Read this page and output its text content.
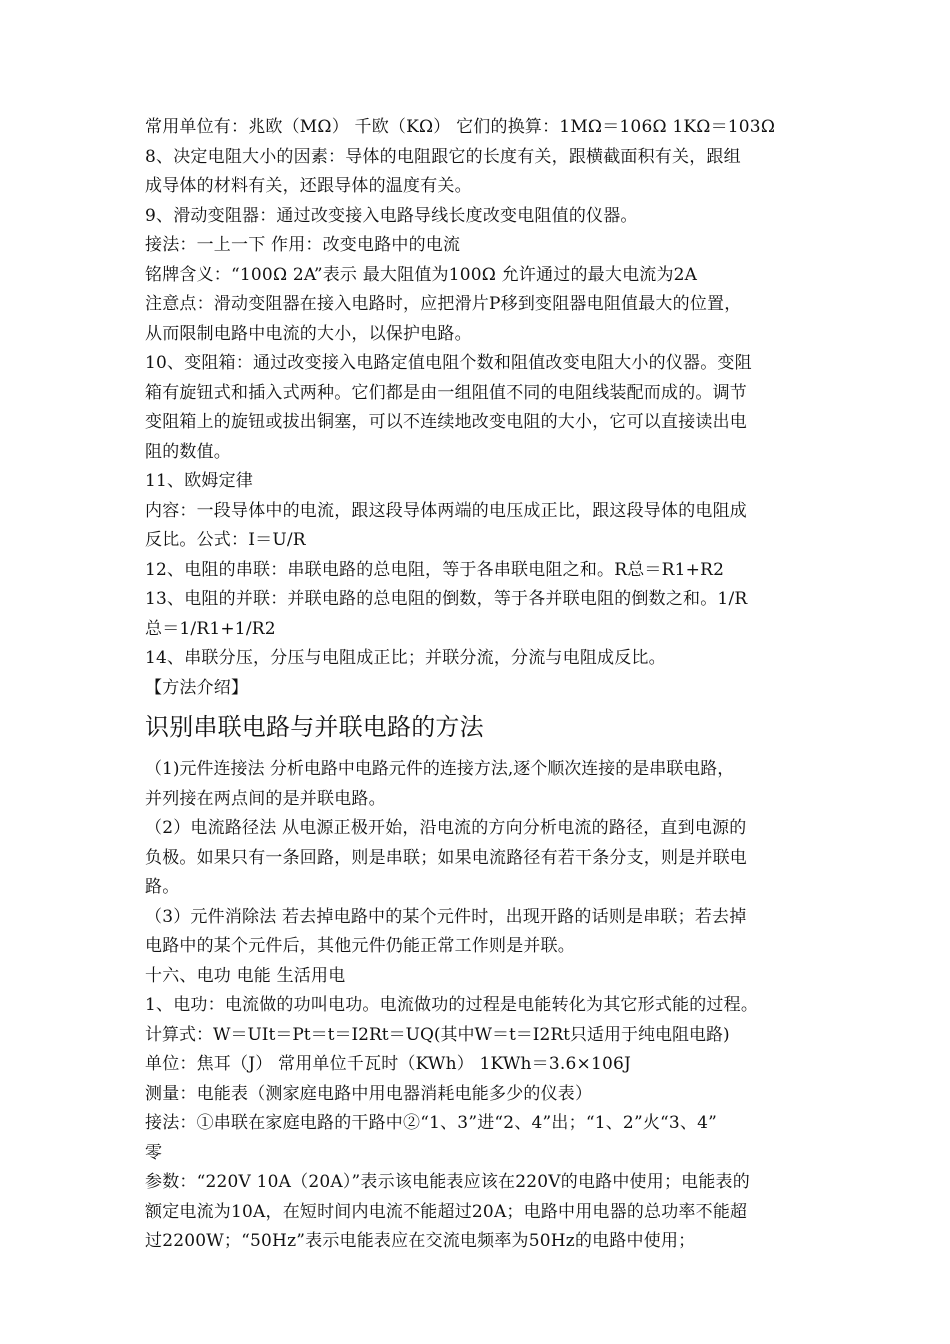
常用单位有：兆欧（MΩ） 千欧（KΩ） 它们的换算：1MΩ＝106Ω 1KΩ＝103Ω
8、决定电阻大小的因素：导体的电阻跟它的长度有关，跟横截面积有关，跟组
成导体的材料有关，还跟导体的温度有关。
9、滑动变阻器：通过改变接入电路导线长度改变电阻值的仪器。
接法：一上一下 作用：改变电路中的电流
铭牌含义：“100Ω 2A”表示 最大阻值为100Ω 允许通过的最大电流为2A
注意点：滑动变阻器在接入电路时，应把滑片P移到变阻器电阻值最大的位置，
从而限制电路中电流的大小，以保护电路。
10、变阻箱：通过改变接入电路定值电阻个数和阻值改变电阻大小的仪器。变阻
箱有旋钮式和插入式两种。它们都是由一组阻值不同的电阻线装配而成的。调节
变阻箱上的旋钮或拔出铜塞，可以不连续地改变电阻的大小，它可以直接读出电
阻的数值。
11、欧姆定律
内容：一段导体中的电流，跟这段导体两端的电压成正比，跟这段导体的电阻成
反比。公式：I＝U/R
12、电阻的串联：串联电路的总电阻，等于各串联电阻之和。R总＝R1+R2
13、电阻的并联：并联电路的总电阻的倒数，等于各并联电阻的倒数之和。1/R
总＝1/R1+1/R2
14、串联分压，分压与电阻成正比；并联分流，分流与电阻成反比。
【方法介绍】
识别串联电路与并联电路的方法
（1)元件连接法 分析电路中电路元件的连接方法,逐个顺次连接的是串联电路，
并列接在两点间的是并联电路。
（2）电流路径法 从电源正极开始，沿电流的方向分析电流的路径，直到电源的
负极。如果只有一条回路，则是串联；如果电流路径有若干条分支，则是并联电
路。
（3）元件消除法 若去掉电路中的某个元件时，出现开路的话则是串联；若去掉
电路中的某个元件后，其他元件仍能正常工作则是并联。
十六、电功 电能 生活用电
1、电功：电流做的功叫电功。电流做功的过程是电能转化为其它形式能的过程。
计算式：W＝UIt＝Pt＝t＝I2Rt＝UQ(其中W＝t＝I2Rt只适用于纯电阻电路)
单位：焦耳（J） 常用单位千瓦时（KWh） 1KWh＝3.6×106J
测量：电能表（测家庭电路中用电器消耗电能多少的仪表）
接法：①串联在家庭电路的干路中②“1、3”进“2、4”出；“1、2”火“3、4”
零
参数：“220V 10A（20A）”表示该电能表应该在220V的电路中使用；电能表的
额定电流为10A，在短时间内电流不能超过20A；电路中用电器的总功率不能超
过2200W；“50Hz”表示电能表应在交流电频率为50Hz的电路中使用；
